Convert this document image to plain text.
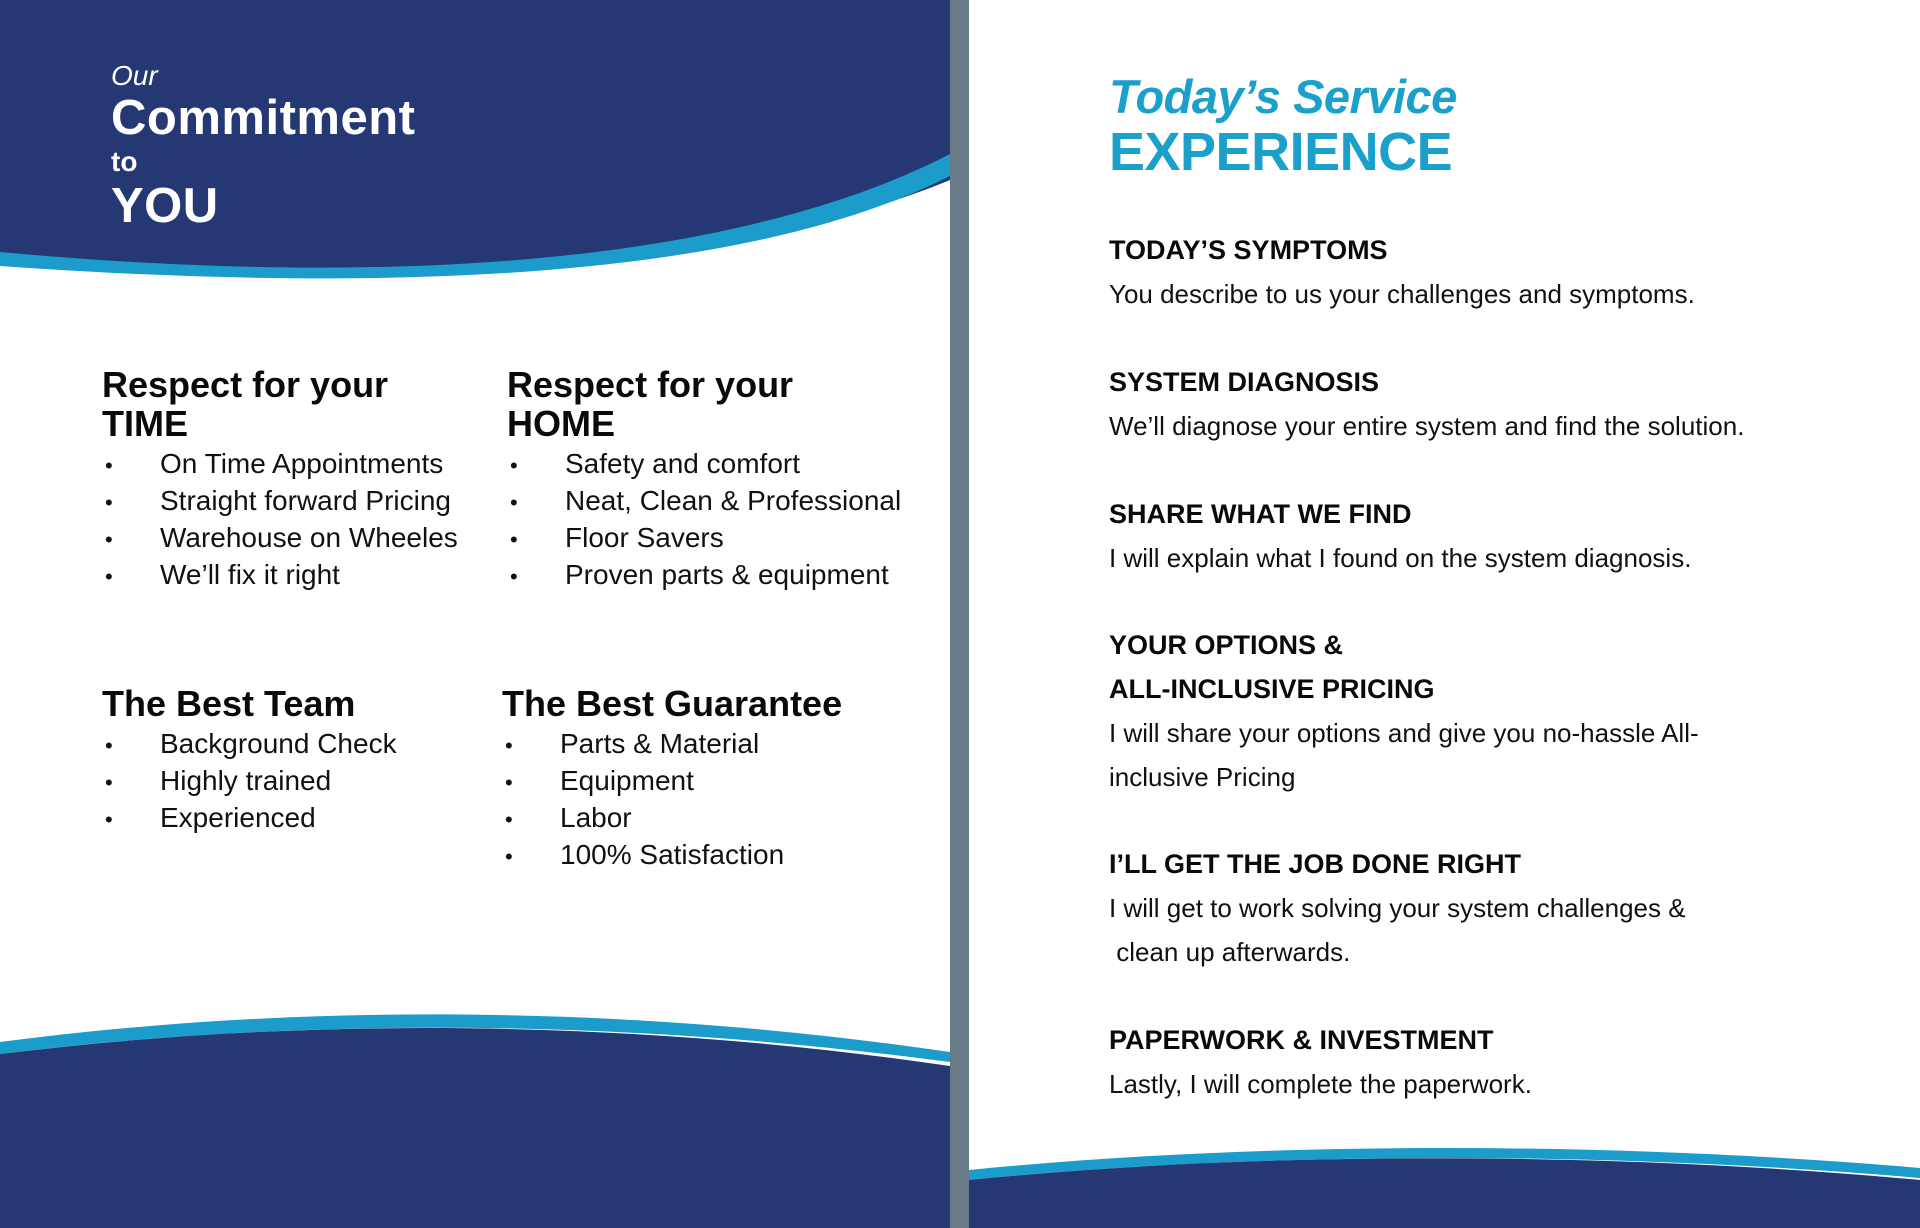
Our
Commitment
to
YOU
Respect for your
TIME
• On Time Appointments
• Straight forward Pricing
• Warehouse on Wheeles
• We’ll fix it right
Respect for your
HOME
• Safety and comfort
• Neat, Clean & Professional
• Floor Savers
• Proven parts & equipment
The Best Team
• Background Check
• Highly trained
• Experienced
The Best Guarantee
• Parts & Material
• Equipment
• Labor
• 100% Satisfaction
Today’s Service
EXPERIENCE
TODAY’S SYMPTOMS

You describe to us your challenges and symptoms.

SYSTEM DIAGNOSIS

We’ll diagnose your entire system and find the solution.

SHARE WHAT WE FIND

I will explain what I found on the system diagnosis.

YOUR OPTIONS &
ALL-INCLUSIVE PRICING

I will share your options and give you no-hassle All-
inclusive Pricing

I’LL GET THE JOB DONE RIGHT

I will get to work solving your system challenges &
clean up afterwards.

PAPERWORK & INVESTMENT

Lastly, I will complete the paperwork.
